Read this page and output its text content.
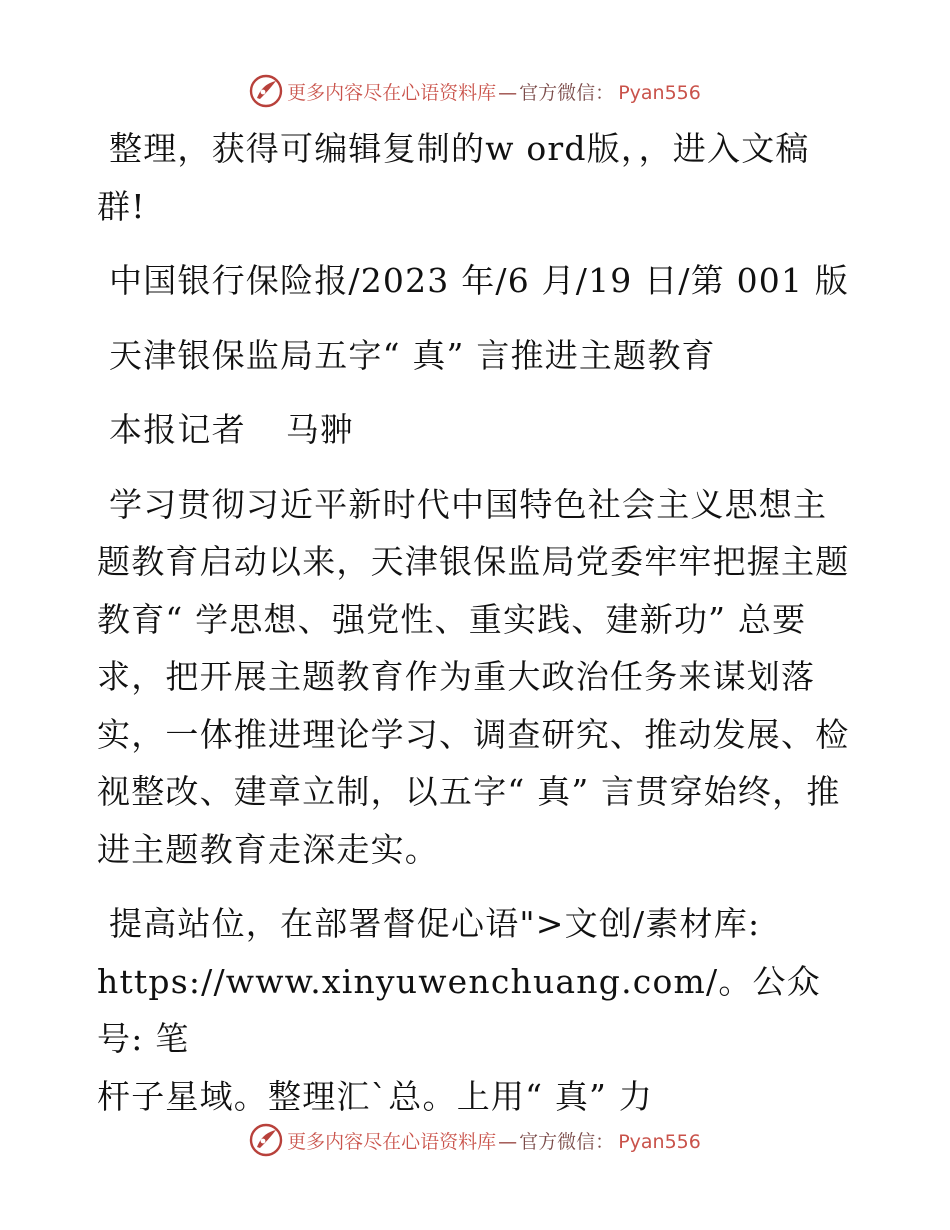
更多内容尽在心语资料库 — 官方微信： Pyan556

整理，获得可编辑复制的w ord版，，进入文稿群!

中国银行保险报/2023 年/6 月/19 日/第 001 版

天津银保监局五字“ 真” 言推进主题教育

本报记者 马翀

学习贯彻习近平新时代中国特色社会主义思想主题教育启动以来，天津银保监局党委牢牢把握主题教育“ 学思想、强党性、重实践、建新功” 总要求，把开展主题教育作为重大政治任务来谋划落实，一体推进理论学习、调查研究、推动发展、检视整改、建章立制，以五字“ 真” 言贯穿始终，推进主题教育走深走实。

提高站位，在部署督促心语">文创/素材库:

https://www.xinyuwenchuang.com/。公众号: 笔

杆子星域。整理汇`总。上用“ 真” 力

更多内容尽在心语资料库 — 官方微信： Pyan556
